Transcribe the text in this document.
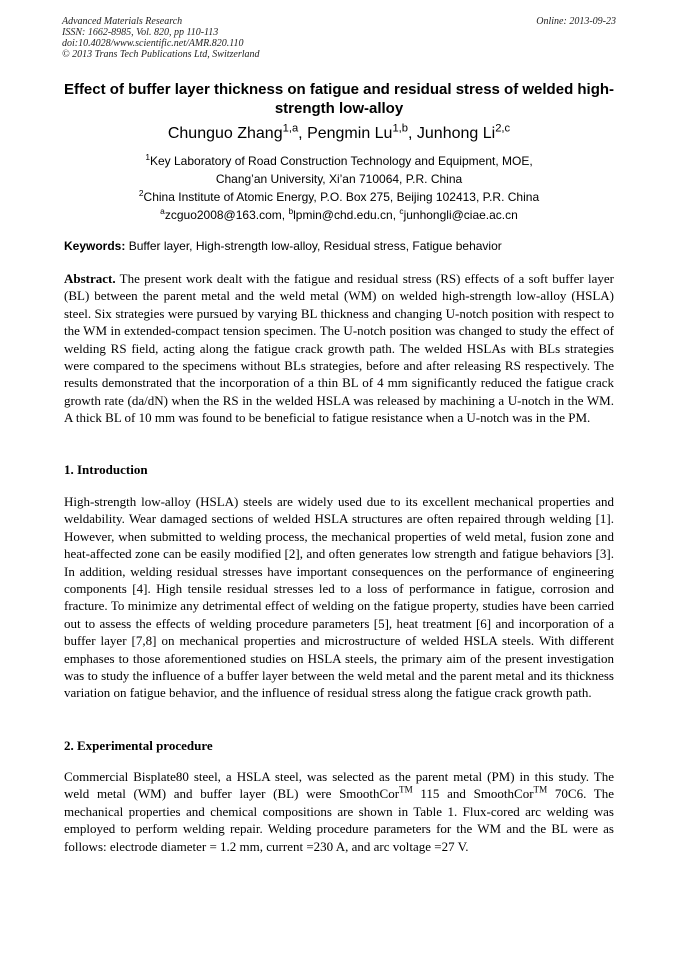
Advanced Materials Research
ISSN: 1662-8985, Vol. 820, pp 110-113
doi:10.4028/www.scientific.net/AMR.820.110
© 2013 Trans Tech Publications Ltd, Switzerland
Online: 2013-09-23
Effect of buffer layer thickness on fatigue and residual stress of welded high-strength low-alloy
Chunguo Zhang$^{1,a}$, Pengmin Lu$^{1,b}$, Junhong Li$^{2,c}$
$^1$Key Laboratory of Road Construction Technology and Equipment, MOE,
Chang’an University, Xi’an 710064, P.R. China
$^2$China Institute of Atomic Energy, P.O. Box 275, Beijing 102413, P.R. China
$^a$zcguo2008@163.com, $^b$lpmin@chd.edu.cn, $^c$junhongli@ciae.ac.cn
Keywords: Buffer layer, High-strength low-alloy, Residual stress, Fatigue behavior
Abstract. The present work dealt with the fatigue and residual stress (RS) effects of a soft buffer layer (BL) between the parent metal and the weld metal (WM) on welded high-strength low-alloy (HSLA) steel. Six strategies were pursued by varying BL thickness and changing U-notch position with respect to the WM in extended-compact tension specimen. The U-notch position was changed to study the effect of welding RS field, acting along the fatigue crack growth path. The welded HSLAs with BLs strategies were compared to the specimens without BLs strategies, before and after releasing RS respectively. The results demonstrated that the incorporation of a thin BL of 4 mm significantly reduced the fatigue crack growth rate (da/dN) when the RS in the welded HSLA was released by machining a U-notch in the WM. A thick BL of 10 mm was found to be beneficial to fatigue resistance when a U-notch was in the PM.
1. Introduction
High-strength low-alloy (HSLA) steels are widely used due to its excellent mechanical properties and weldability. Wear damaged sections of welded HSLA structures are often repaired through welding [1]. However, when submitted to welding process, the mechanical properties of weld metal, fusion zone and heat-affected zone can be easily modified [2], and often generates low strength and fatigue behaviors [3]. In addition, welding residual stresses have important consequences on the performance of engineering components [4]. High tensile residual stresses led to a loss of performance in fatigue, corrosion and fracture. To minimize any detrimental effect of welding on the fatigue property, studies have been carried out to assess the effects of welding procedure parameters [5], heat treatment [6] and incorporation of a buffer layer [7,8] on mechanical properties and microstructure of welded HSLA steels. With different emphases to those aforementioned studies on HSLA steels, the primary aim of the present investigation was to study the influence of a buffer layer between the weld metal and the parent metal and its thickness variation on fatigue behavior, and the influence of residual stress along the fatigue crack growth path.
2. Experimental procedure
Commercial Bisplate80 steel, a HSLA steel, was selected as the parent metal (PM) in this study. The weld metal (WM) and buffer layer (BL) were SmoothCor™ 115 and SmoothCor™ 70C6. The mechanical properties and chemical compositions are shown in Table 1. Flux-cored arc welding was employed to perform welding repair. Welding procedure parameters for the WM and the BL were as follows: electrode diameter = 1.2 mm, current =230 A, and arc voltage =27 V.
